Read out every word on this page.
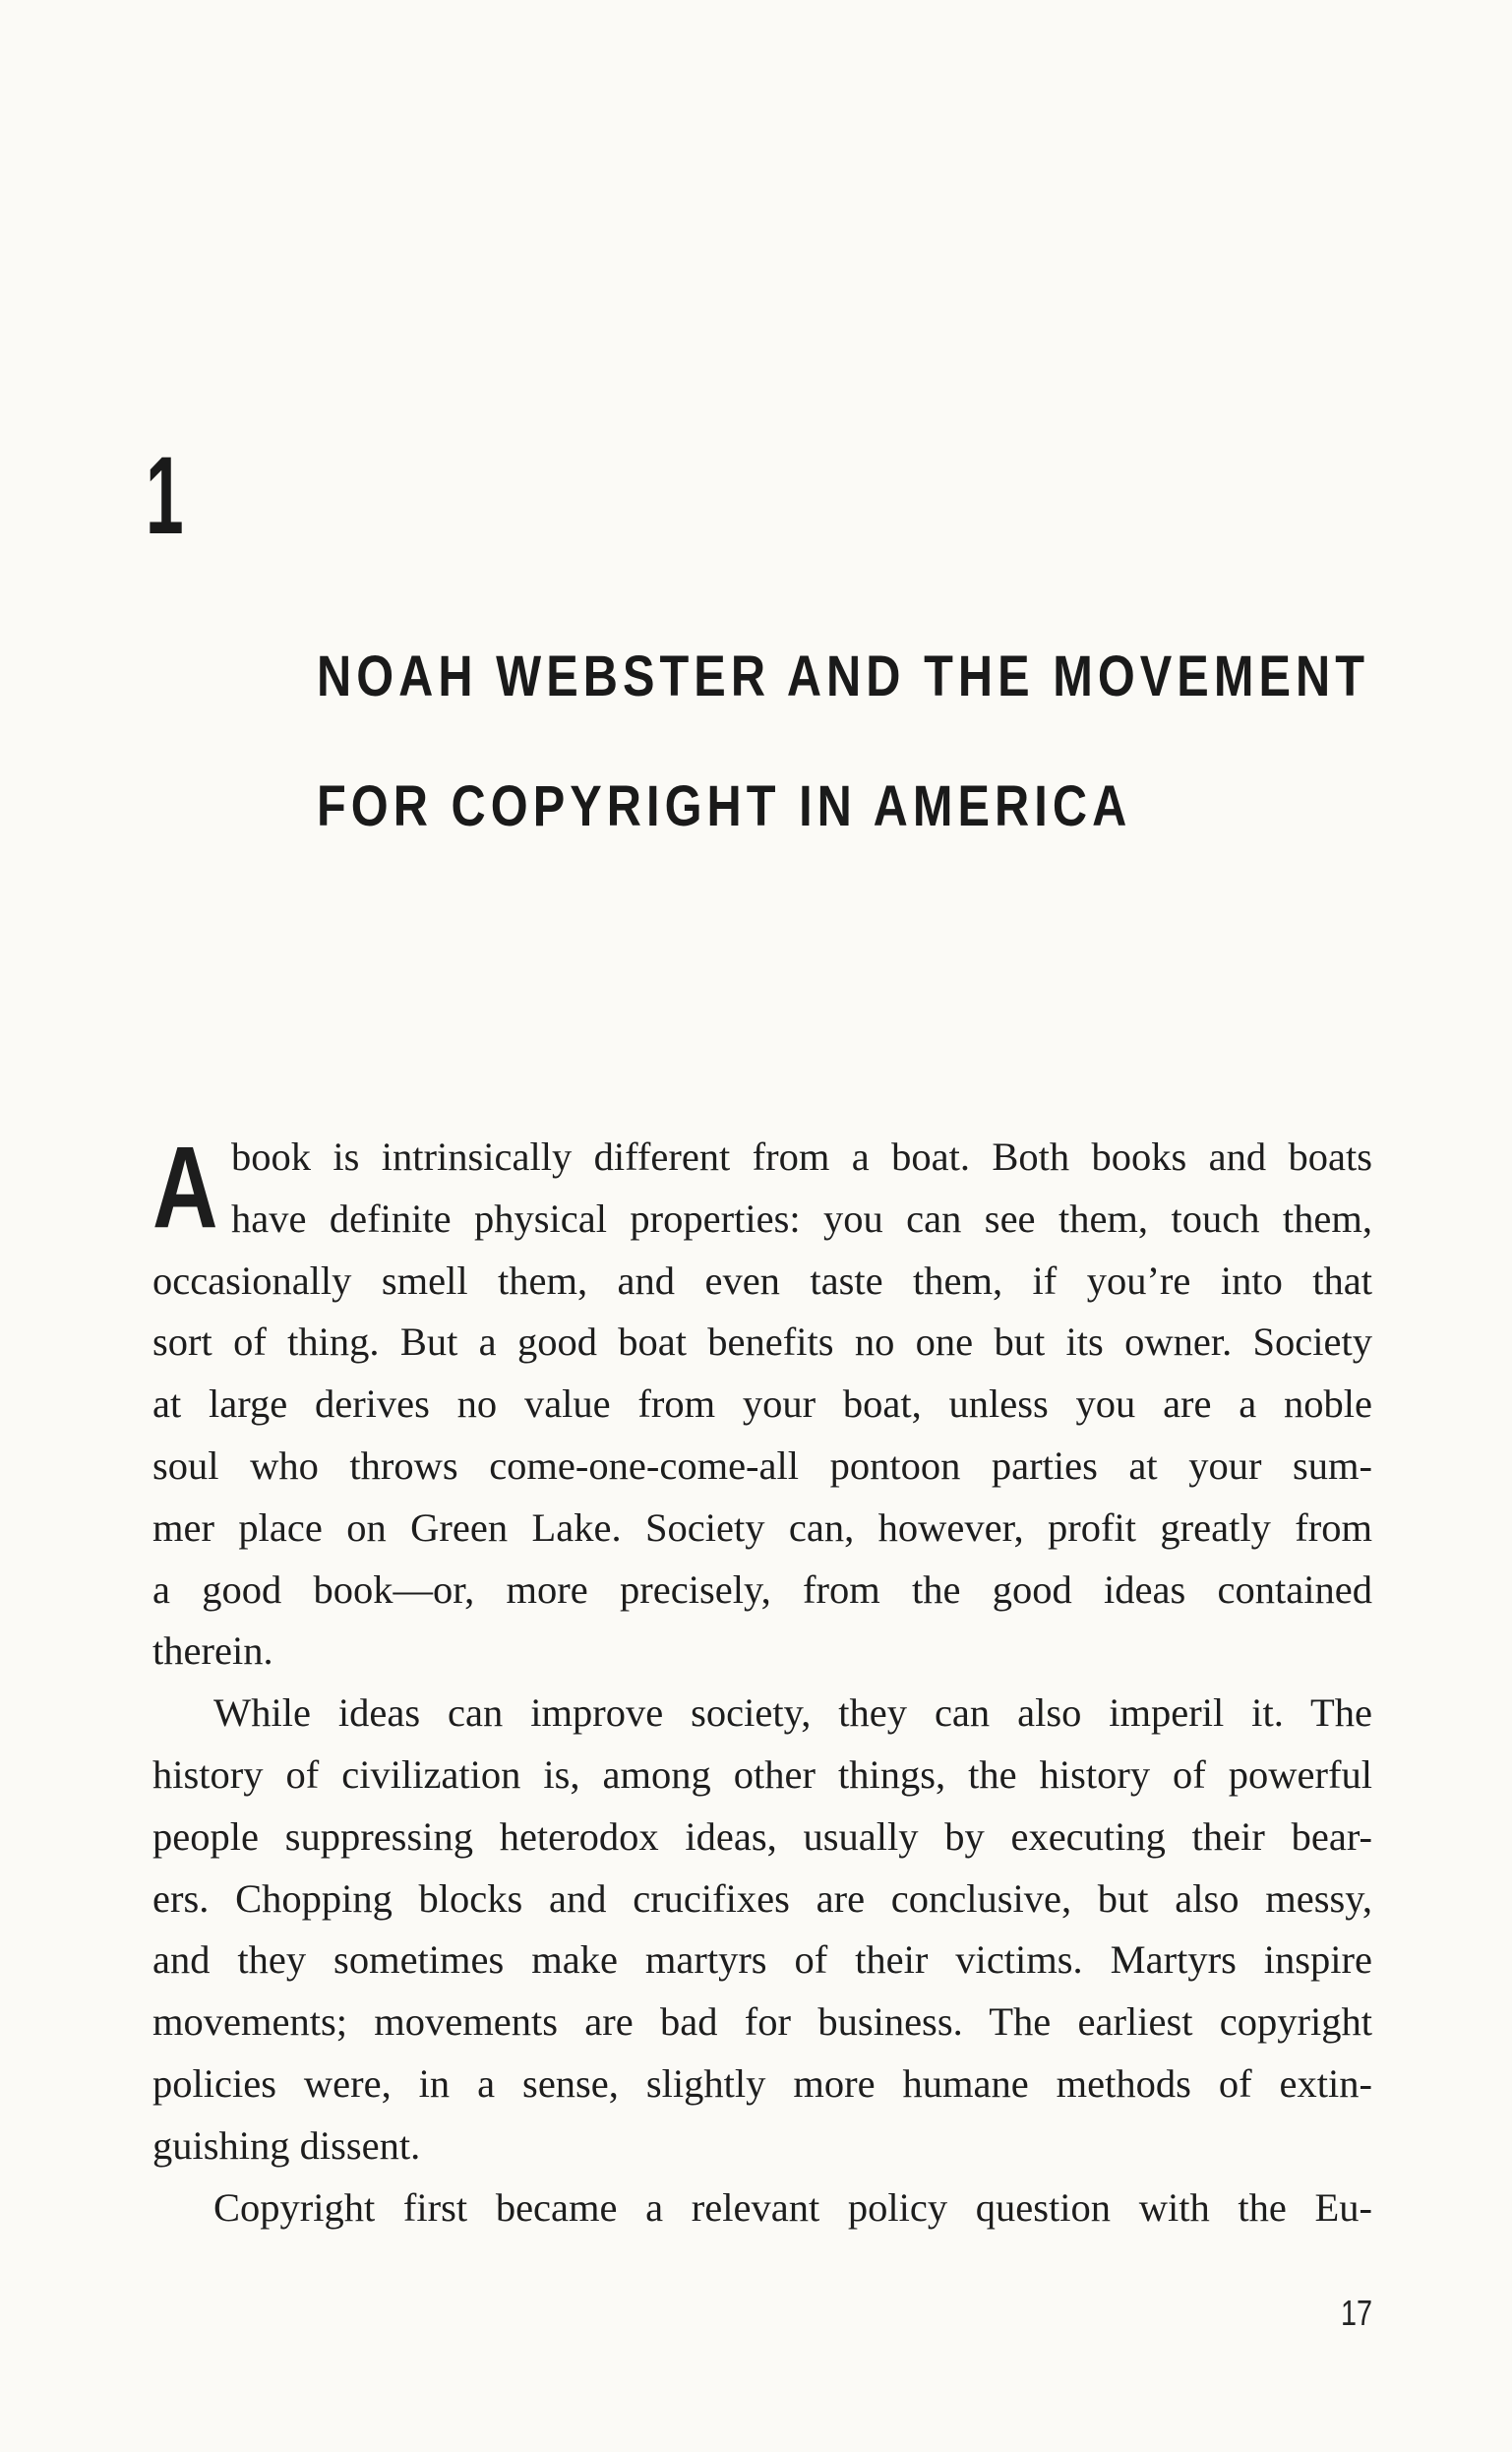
1
NOAH WEBSTER AND THE MOVEMENT
FOR COPYRIGHT IN AMERICA
A book is intrinsically different from a boat. Both books and boats
have definite physical properties: you can see them, touch them,
occasionally smell them, and even taste them, if you’re into that
sort of thing. But a good boat benefits no one but its owner. Society
at large derives no value from your boat, unless you are a noble
soul who throws come-one-come-all pontoon parties at your sum-
mer place on Green Lake. Society can, however, profit greatly from
a good book—or, more precisely, from the good ideas contained
therein.
While ideas can improve society, they can also imperil it. The
history of civilization is, among other things, the history of powerful
people suppressing heterodox ideas, usually by executing their bear-
ers. Chopping blocks and crucifixes are conclusive, but also messy,
and they sometimes make martyrs of their victims. Martyrs inspire
movements; movements are bad for business. The earliest copyright
policies were, in a sense, slightly more humane methods of extin-
guishing dissent.
Copyright first became a relevant policy question with the Eu-
17
